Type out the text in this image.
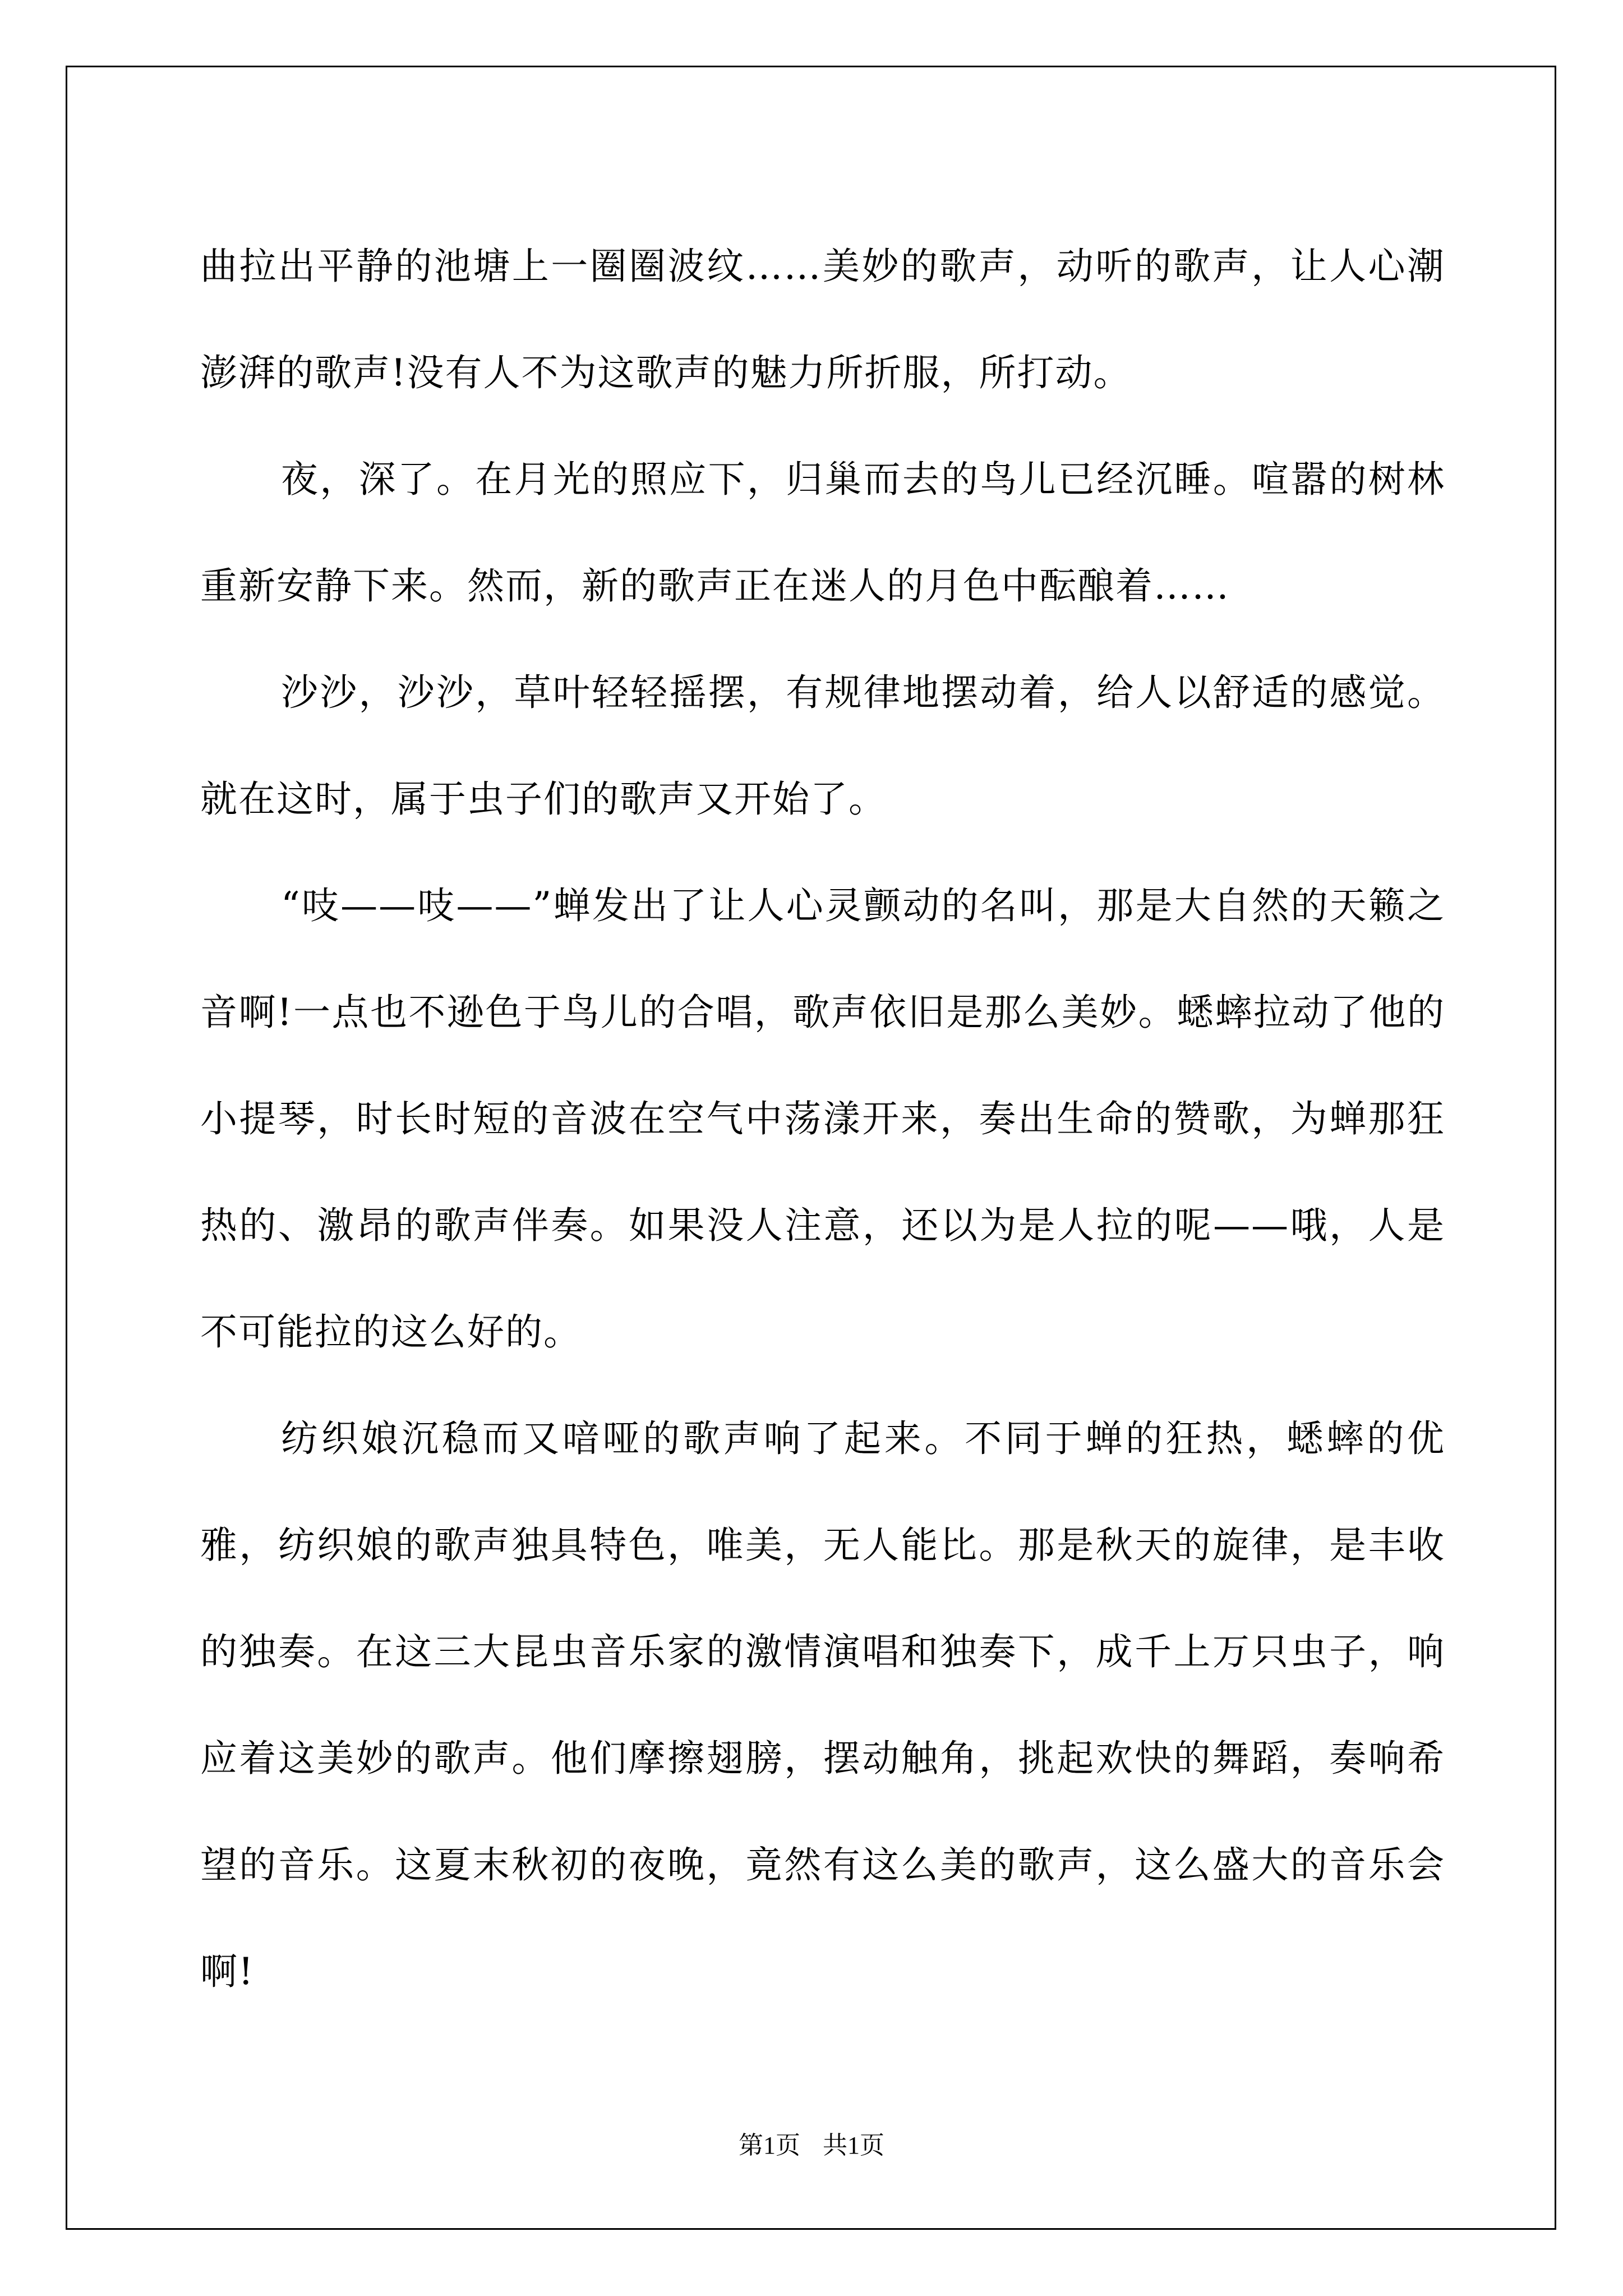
曲拉出平静的池塘上一圈圈波纹……美妙的歌声，动听的歌声，让人心潮澎湃的歌声!没有人不为这歌声的魅力所折服，所打动。

夜，深了。在月光的照应下，归巢而去的鸟儿已经沉睡。喧嚣的树林重新安静下来。然而，新的歌声正在迷人的月色中酝酿着……

沙沙，沙沙，草叶轻轻摇摆，有规律地摆动着，给人以舒适的感觉。就在这时，属于虫子们的歌声又开始了。

“吱——吱——”蝉发出了让人心灵颤动的名叫，那是大自然的天籁之音啊!一点也不逊色于鸟儿的合唱，歌声依旧是那么美妙。蟋蟀拉动了他的小提琴，时长时短的音波在空气中荡漾开来，奏出生命的赞歌，为蝉那狂热的、激昂的歌声伴奏。如果没人注意，还以为是人拉的呢——哦，人是不可能拉的这么好的。

纺织娘沉稳而又喑哑的歌声响了起来。不同于蝉的狂热，蟋蟀的优雅，纺织娘的歌声独具特色，唯美，无人能比。那是秋天的旋律，是丰收的独奏。在这三大昆虫音乐家的激情演唱和独奏下，成千上万只虫子，响应着这美妙的歌声。他们摩擦翅膀，摆动触角，挑起欢快的舞蹈，奏响希望的音乐。这夏末秋初的夜晚，竟然有这么美的歌声，这么盛大的音乐会啊!

第1页 共1页
